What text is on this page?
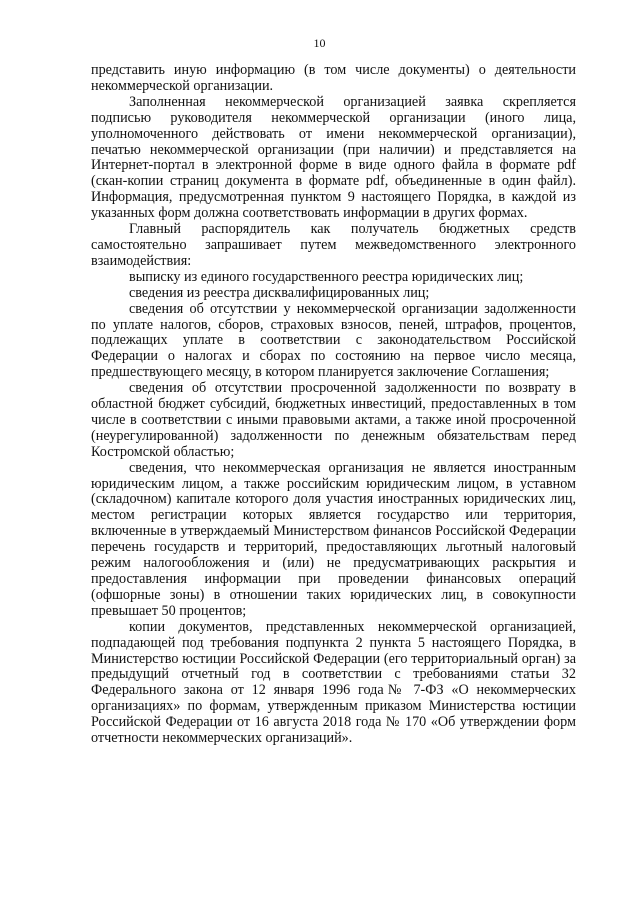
10

представить иную информацию (в том числе документы) о деятельности некоммерческой организации.

Заполненная некоммерческой организацией заявка скрепляется подписью руководителя некоммерческой организации (иного лица, уполномоченного действовать от имени некоммерческой организации), печатью некоммерческой организации (при наличии) и представляется на Интернет-портал в электронной форме в виде одного файла в формате pdf (скан-копии страниц документа в формате pdf, объединенные в один файл). Информация, предусмотренная пунктом 9 настоящего Порядка, в каждой из указанных форм должна соответствовать информации в других формах.

Главный распорядитель как получатель бюджетных средств самостоятельно запрашивает путем межведомственного электронного взаимодействия:

выписку из единого государственного реестра юридических лиц;

сведения из реестра дисквалифицированных лиц;

сведения об отсутствии у некоммерческой организации задолженности по уплате налогов, сборов, страховых взносов, пеней, штрафов, процентов, подлежащих уплате в соответствии с законодательством Российской Федерации о налогах и сборах по состоянию на первое число месяца, предшествующего месяцу, в котором планируется заключение Соглашения;

сведения об отсутствии просроченной задолженности по возврату в областной бюджет субсидий, бюджетных инвестиций, предоставленных в том числе в соответствии с иными правовыми актами, а также иной просроченной (неурегулированной) задолженности по денежным обязательствам перед Костромской областью;

сведения, что некоммерческая организация не является иностранным юридическим лицом, а также российским юридическим лицом, в уставном (складочном) капитале которого доля участия иностранных юридических лиц, местом регистрации которых является государство или территория, включенные в утверждаемый Министерством финансов Российской Федерации перечень государств и территорий, предоставляющих льготный налоговый режим налогообложения и (или) не предусматривающих раскрытия и предоставления информации при проведении финансовых операций (офшорные зоны) в отношении таких юридических лиц, в совокупности превышает 50 процентов;

копии документов, представленных некоммерческой организацией, подпадающей под требования подпункта 2 пункта 5 настоящего Порядка, в Министерство юстиции Российской Федерации (его территориальный орган) за предыдущий отчетный год в соответствии с требованиями статьи 32 Федерального закона от 12 января 1996 года№ 7-ФЗ «О некоммерческих организациях» по формам, утвержденным приказом Министерства юстиции Российской Федерации от 16 августа 2018 года № 170 «Об утверждении форм отчетности некоммерческих организаций».
